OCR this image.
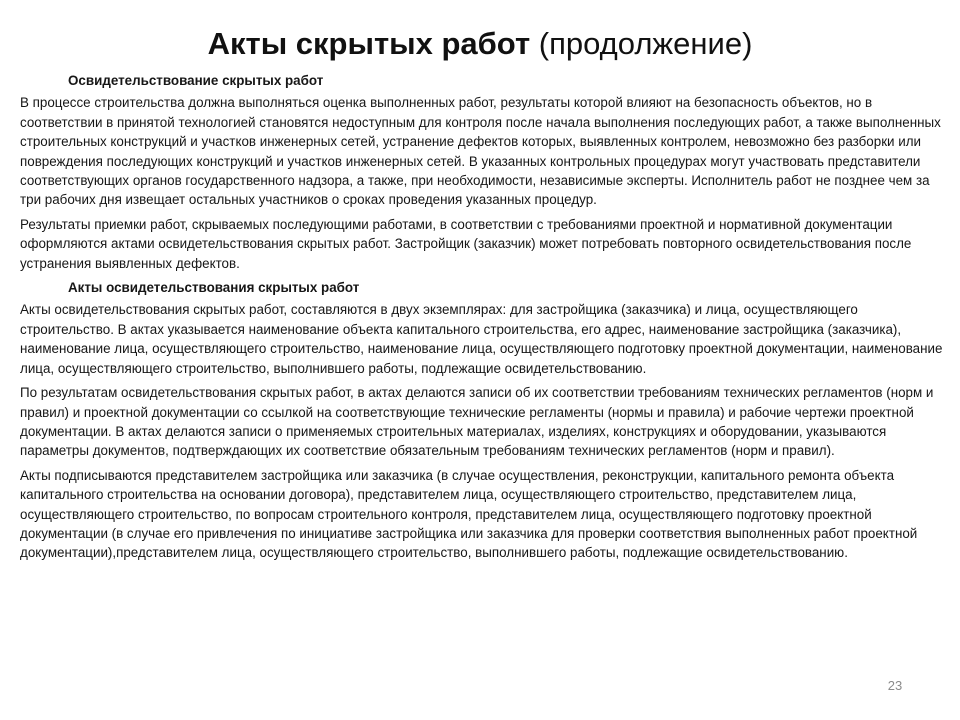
Акты скрытых работ (продолжение)
Освидетельствование скрытых работ

В процессе строительства должна выполняться оценка выполненных работ, результаты которой влияют на безопасность объектов, но в соответствии в принятой технологией становятся недоступным для контроля после начала выполнения последующих работ, а также выполненных строительных конструкций и участков инженерных сетей, устранение дефектов которых, выявленных контролем, невозможно без разборки или повреждения последующих конструкций и участков инженерных сетей. В указанных контрольных процедурах могут участвовать представители соответствующих органов государственного надзора, а также, при необходимости, независимые эксперты. Исполнитель работ не позднее чем за три рабочих дня извещает остальных участников о сроках проведения указанных процедур.

Результаты приемки работ, скрываемых последующими работами, в соответствии с требованиями проектной и нормативной документации оформляются актами освидетельствования скрытых работ. Застройщик (заказчик) может потребовать повторного освидетельствования после устранения выявленных дефектов.

Акты освидетельствования скрытых работ

Акты освидетельствования скрытых работ, составляются в двух экземплярах: для застройщика (заказчика) и лица, осуществляющего строительство. В актах указывается наименование объекта капитального строительства, его адрес, наименование застройщика (заказчика), наименование лица, осуществляющего строительство, наименование лица, осуществляющего подготовку проектной документации, наименование лица, осуществляющего строительство, выполнившего работы, подлежащие освидетельствованию.

По результатам освидетельствования скрытых работ, в актах делаются записи об их соответствии требованиям технических регламентов (норм и правил) и проектной документации со ссылкой на соответствующие технические регламенты (нормы и правила) и рабочие чертежи проектной документации. В актах делаются записи о применяемых строительных материалах, изделиях, конструкциях и оборудовании, указываются параметры документов, подтверждающих их соответствие обязательным требованиям технических регламентов (норм и правил).

Акты подписываются представителем застройщика или заказчика (в случае осуществления, реконструкции, капитального ремонта объекта капитального строительства на основании договора), представителем лица, осуществляющего строительство, представителем лица, осуществляющего строительство, по вопросам строительного контроля, представителем лица, осуществляющего подготовку проектной документации (в случае его привлечения по инициативе застройщика или заказчика для проверки соответствия выполненных работ проектной документации),представителем лица, осуществляющего строительство, выполнившего работы, подлежащие освидетельствованию.

23
